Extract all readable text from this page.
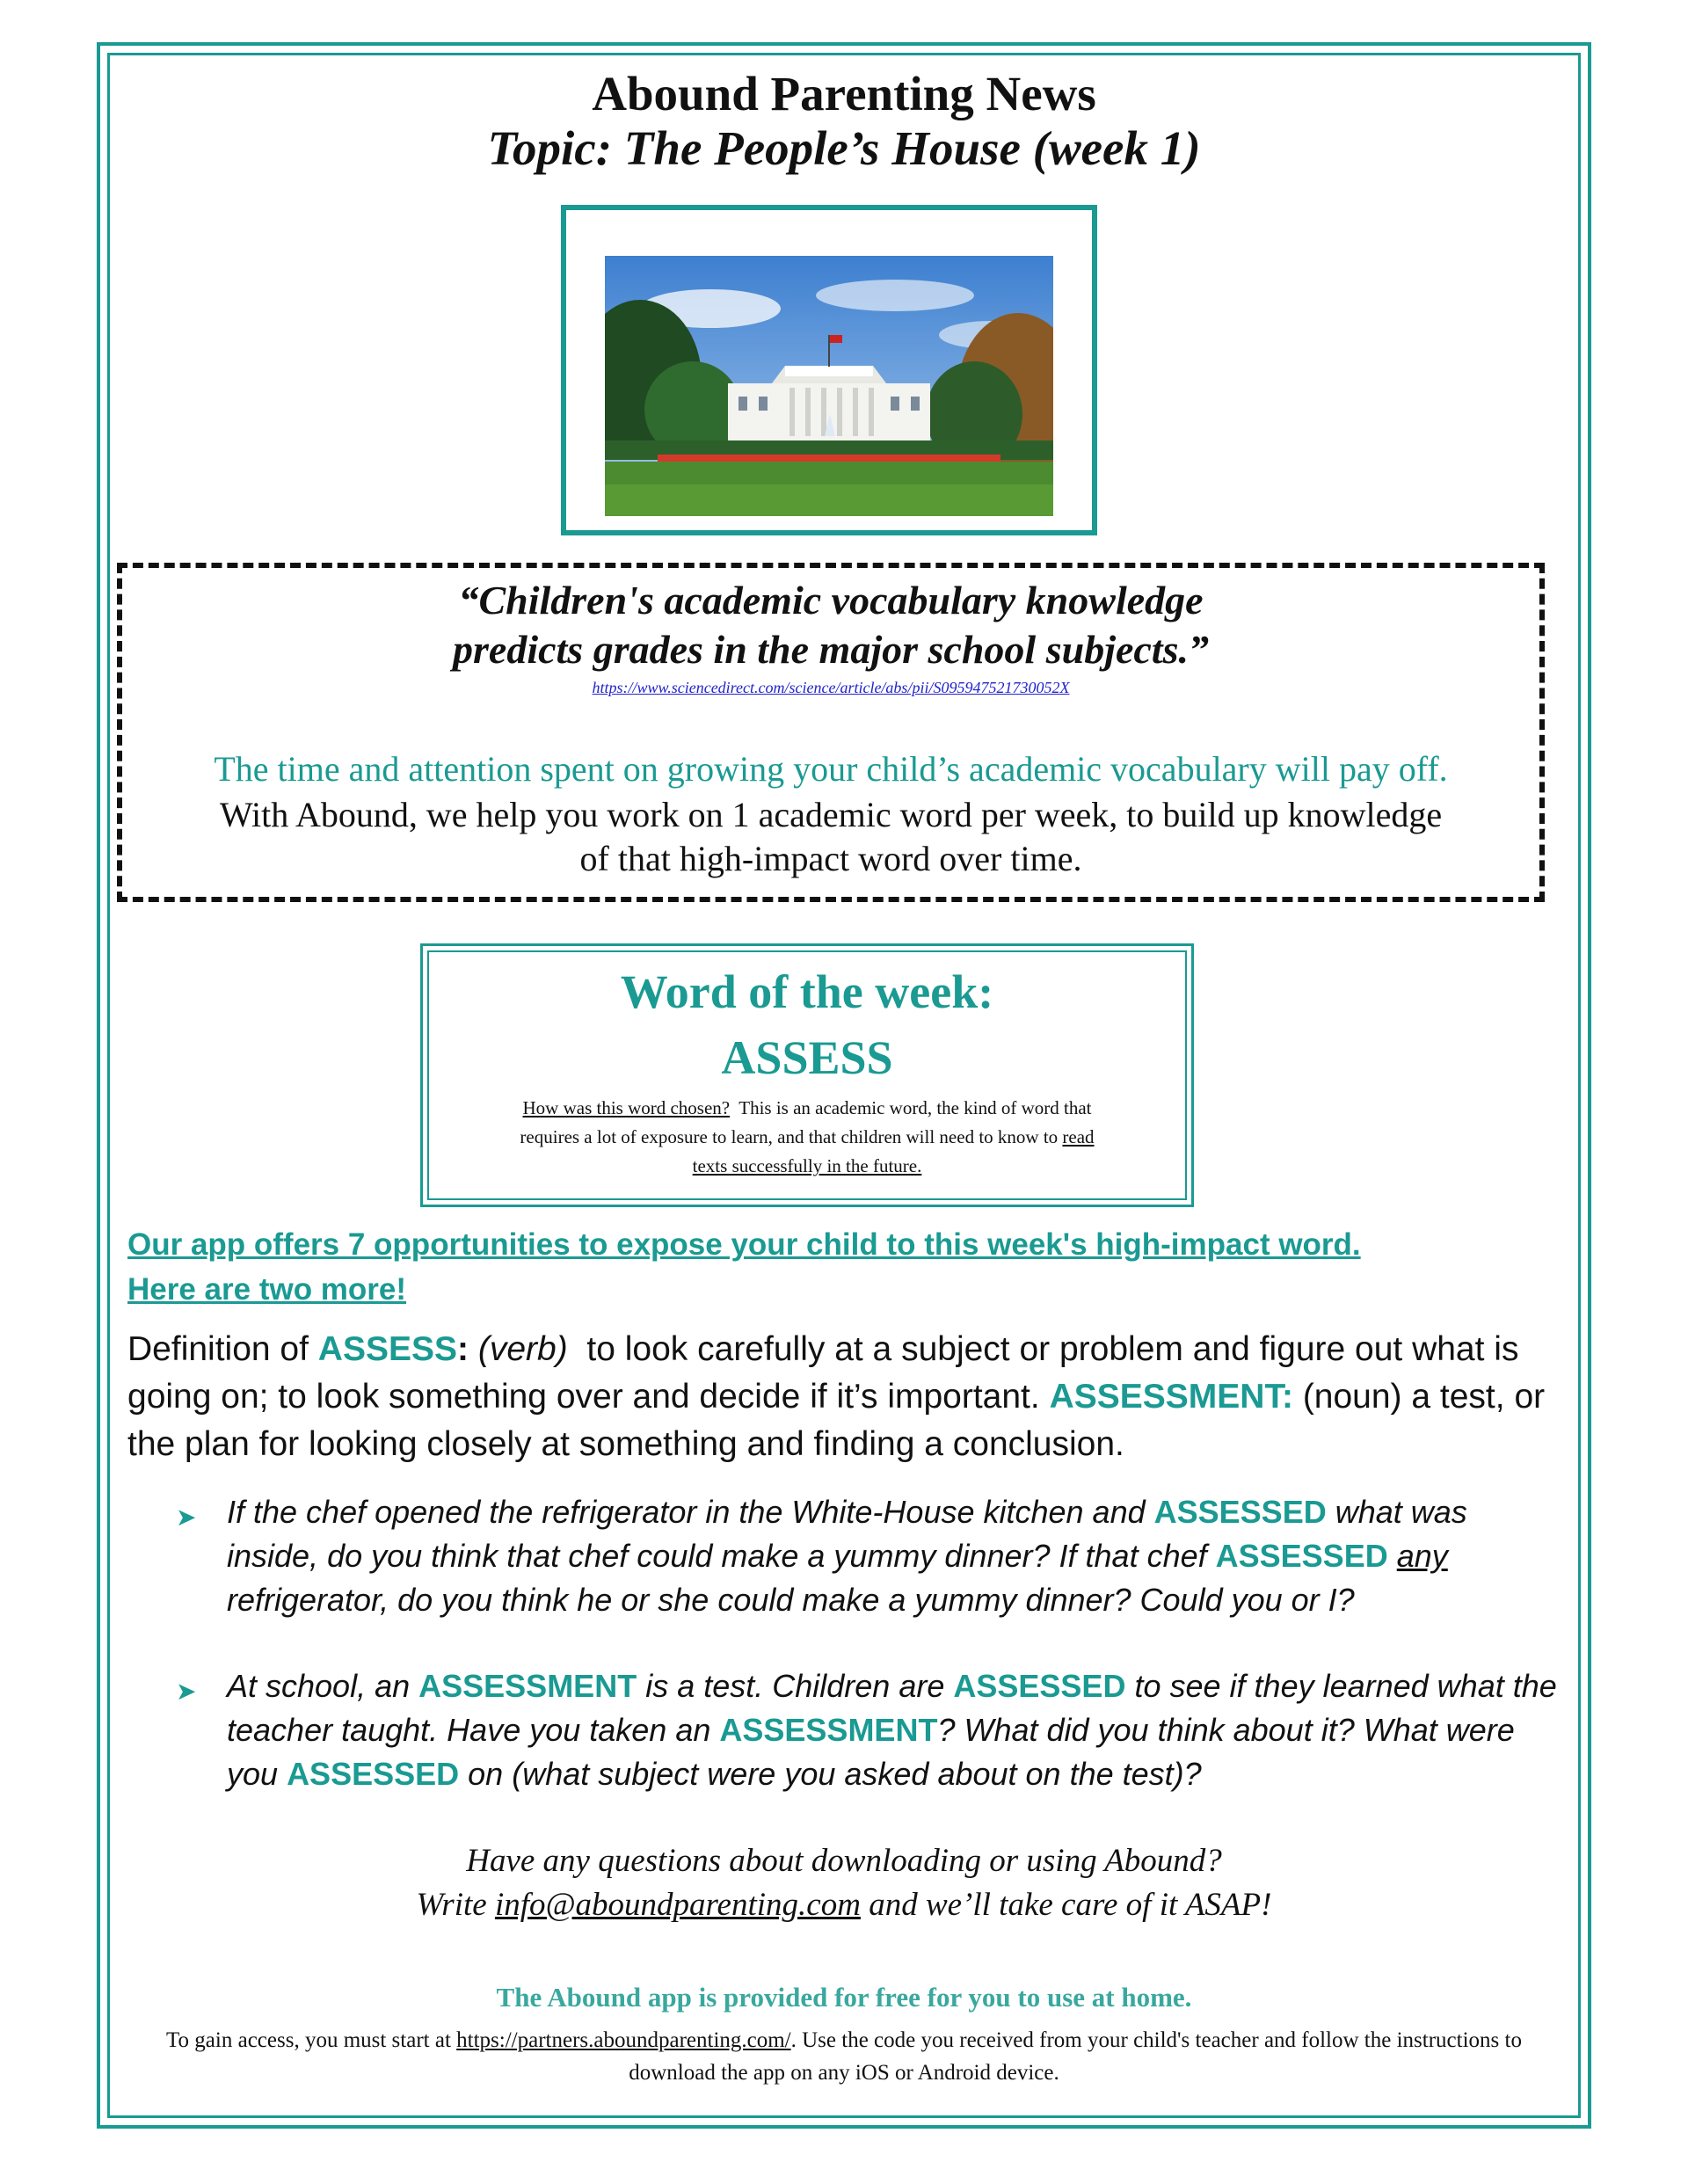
Abound Parenting News
Topic: The People’s House (week 1)
“Children's academic vocabulary knowledge
predicts grades in the major school subjects.”
https://www.sciencedirect.com/science/article/abs/pii/S095947521730052X
The time and attention spent on growing your child’s academic vocabulary will pay off.
With Abound, we help you work on 1 academic word per week, to build up knowledge
of that high-impact word over time.
Word of the week:
ASSESS
How was this word chosen? This is an academic word, the kind of word that
requires a lot of exposure to learn, and that children will need to know to read
texts successfully in the future.
Our app offers 7 opportunities to expose your child to this week's high-impact word.
Here are two more!
Definition of ASSESS: (verb) to look carefully at a subject or problem and figure out what is going on; to look something over and decide if it’s important. ASSESSMENT: (noun) a test, or the plan for looking closely at something and finding a conclusion.
➤ If the chef opened the refrigerator in the White-House kitchen and ASSESSED what was inside, do you think that chef could make a yummy dinner? If that chef ASSESSED any refrigerator, do you think he or she could make a yummy dinner? Could you or I?
➤ At school, an ASSESSMENT is a test. Children are ASSESSED to see if they learned what the teacher taught. Have you taken an ASSESSMENT? What did you think about it? What were you ASSESSED on (what subject were you asked about on the test)?
Have any questions about downloading or using Abound?
Write info@aboundparenting.com and we’ll take care of it ASAP!
The Abound app is provided for free for you to use at home.
To gain access, you must start at https://partners.aboundparenting.com/. Use the code you received from your child's teacher and follow the instructions to download the app on any iOS or Android device.
